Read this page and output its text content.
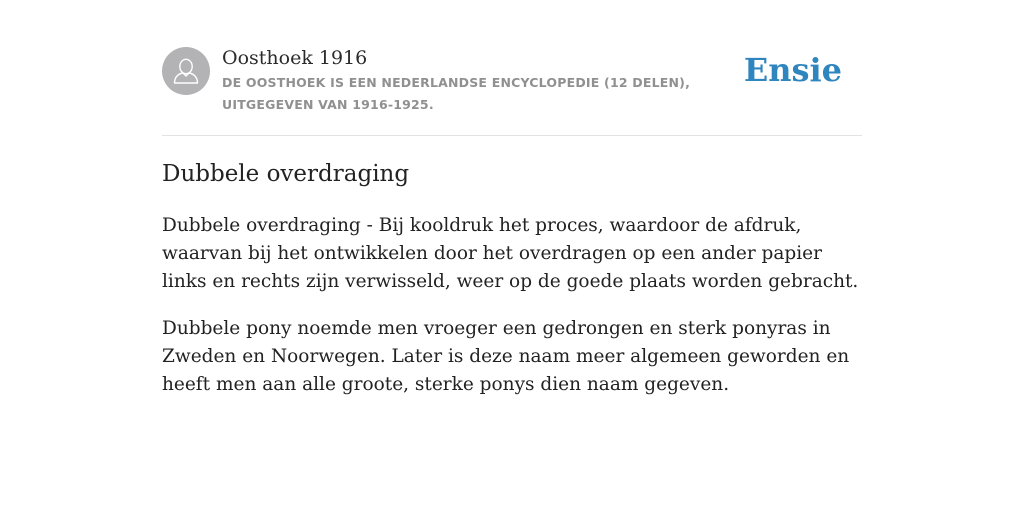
Oosthoek 1916

DE OOSTHOEK IS EEN NEDERLANDSE ENCYCLOPEDIE (12 DELEN), UITGEGEVEN VAN 1916-1925.

Ensie
Dubbele overdraging

Dubbele overdraging - Bij kooldruk het proces, waardoor de afdruk, waarvan bij het ontwikkelen door het overdragen op een ander papier links en rechts zijn verwisseld, weer op de goede plaats worden gebracht.

Dubbele pony noemde men vroeger een gedrongen en sterk ponyras in Zweden en Noorwegen. Later is deze naam meer algemeen geworden en heeft men aan alle groote, sterke ponys dien naam gegeven.
